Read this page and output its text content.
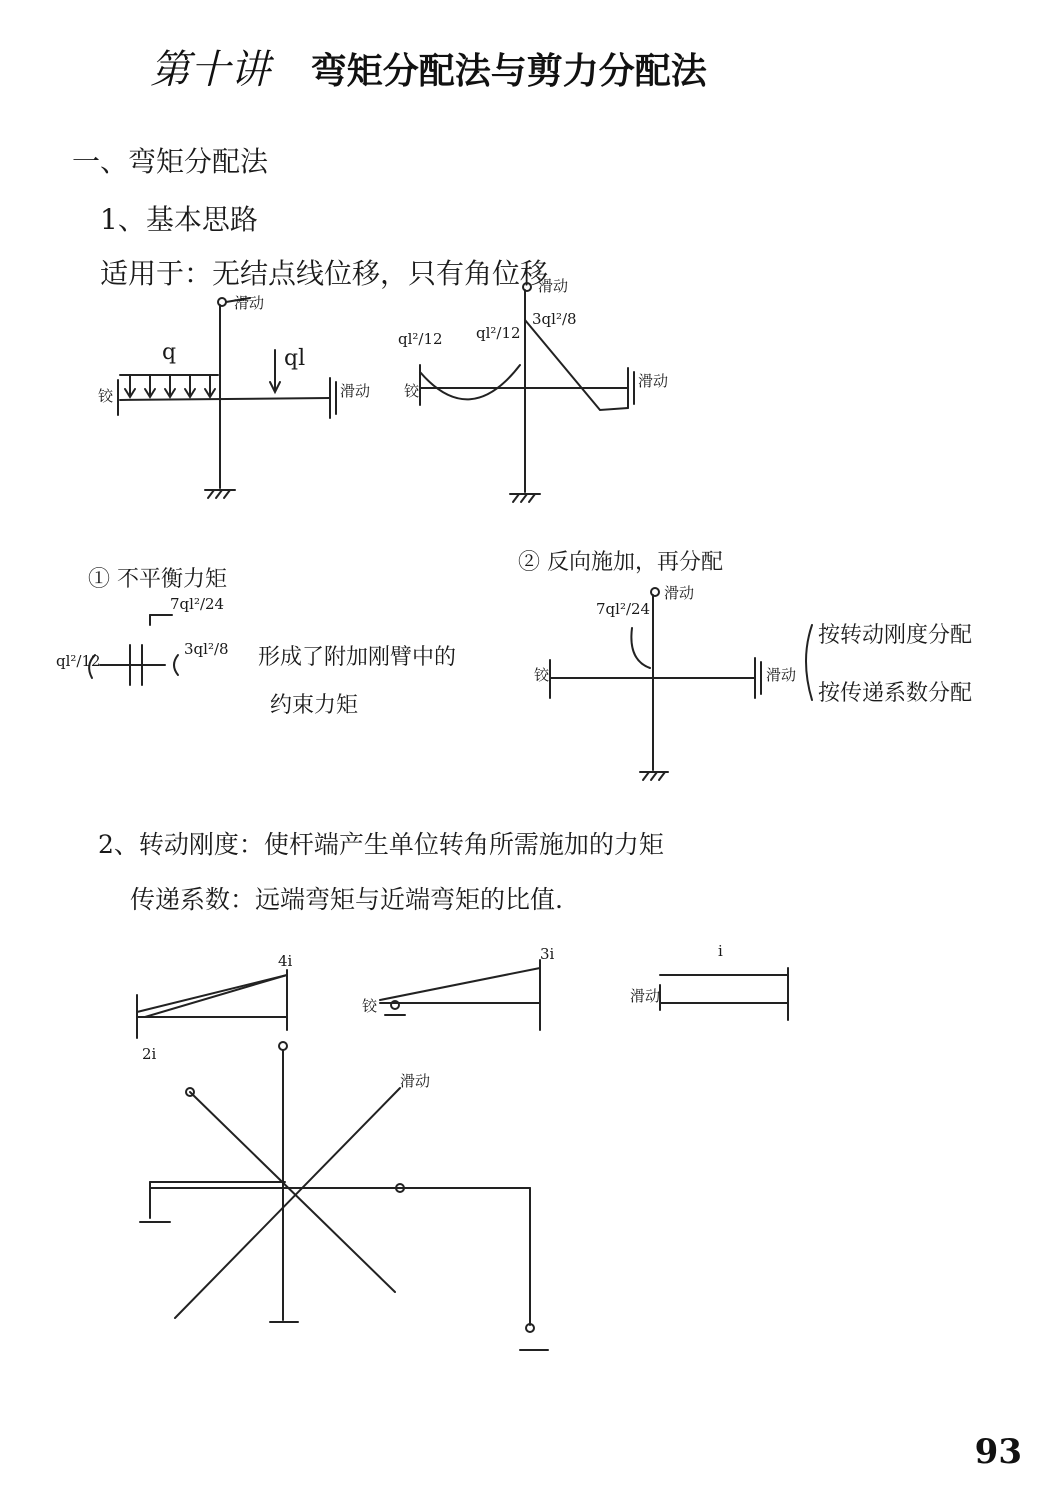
第十讲 弯矩分配法与剪力分配法
一、弯矩分配法
1、基本思路
适用于：无结点线位移，只有角位移
q	ql
铰	滑动
滑动
ql²/12 ql²/12
3ql²/8
滑动
滑动
铰
① 不平衡力矩
7ql²/24
ql²/12
3ql²/8 形成了附加刚臂中的
约束力矩
② 反向施加，再分配
7ql²/24
滑动
滑动
铰
按转动刚度分配
按传递系数分配
2、转动刚度：使杆端产生单位转角所需施加的力矩
传递系数：远端弯矩与近端弯矩的比值.
4i
2i
3i	i
滑动
滑动
铰
93
